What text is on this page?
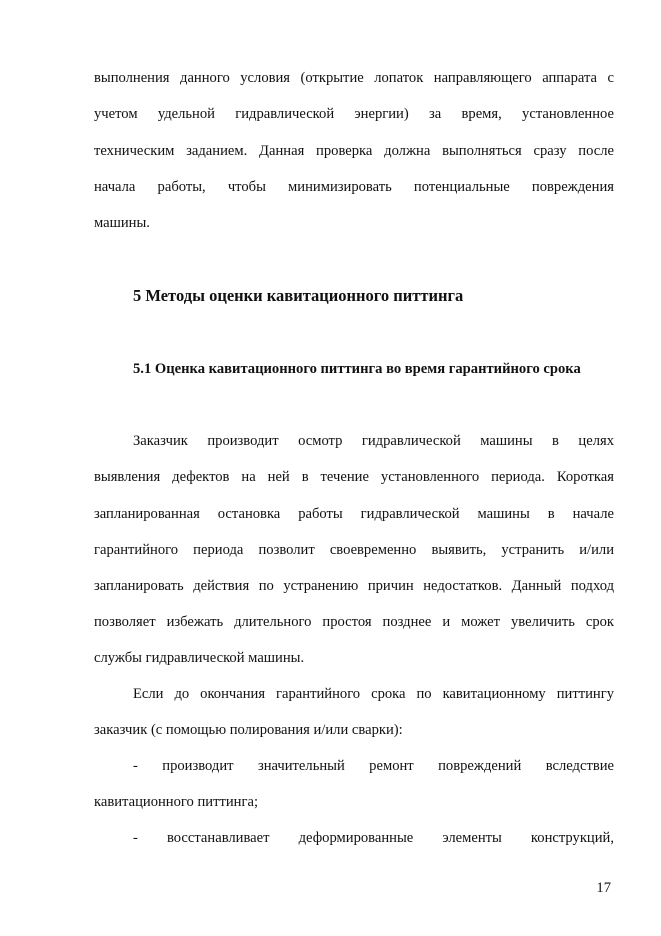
выполнения данного условия (открытие лопаток направляющего аппарата с
учетом удельной гидравлической энергии) за время, установленное
техническим заданием. Данная проверка должна выполняться сразу после
начала работы, чтобы минимизировать потенциальные повреждения
машины.
5 Методы оценки кавитационного питтинга
5.1 Оценка кавитационного питтинга во время гарантийного срока
Заказчик производит осмотр гидравлической машины в целях
выявления дефектов на ней в течение установленного периода. Короткая
запланированная остановка работы гидравлической машины в начале
гарантийного периода позволит своевременно выявить, устранить и/или
запланировать действия по устранению причин недостатков. Данный подход
позволяет избежать длительного простоя позднее и может увеличить срок
службы гидравлической машины.
Если до окончания гарантийного срока по кавитационному питтингу
заказчик (с помощью полирования и/или сварки):
- производит значительный ремонт повреждений вследствие
кавитационного питтинга;
- восстанавливает деформированные элементы конструкций,
17
